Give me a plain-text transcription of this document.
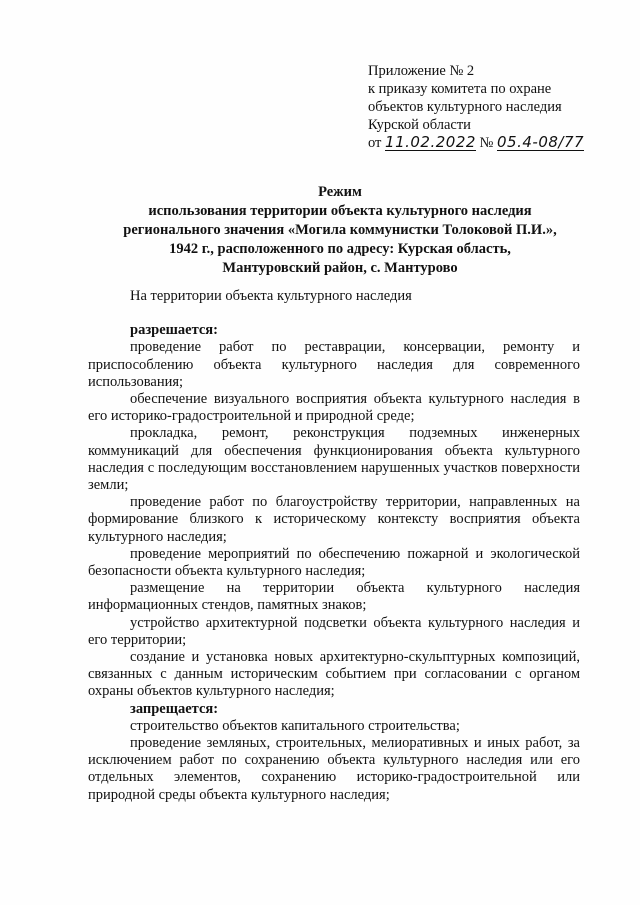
Приложение № 2
к приказу комитета по охране
объектов культурного наследия
Курской области
от 11.02.2022 № 05.4-08/77
Режим
использования территории объекта культурного наследия
регионального значения «Могила коммунистки Толоковой П.И.»,
1942 г., расположенного по адресу: Курская область,
Мантуровский район, с. Мантурово

На территории объекта культурного наследия

разрешается:

проведение работ по реставрации, консервации, ремонту и приспособлению объекта культурного наследия для современного использования;

обеспечение визуального восприятия объекта культурного наследия в его историко-градостроительной и природной среде;

прокладка, ремонт, реконструкция подземных инженерных коммуникаций для обеспечения функционирования объекта культурного наследия с последующим восстановлением нарушенных участков поверхности земли;

проведение работ по благоустройству территории, направленных на формирование близкого к историческому контексту восприятия объекта культурного наследия;

проведение мероприятий по обеспечению пожарной и экологической безопасности объекта культурного наследия;

размещение на территории объекта культурного наследия информационных стендов, памятных знаков;

устройство архитектурной подсветки объекта культурного наследия и его территории;

создание и установка новых архитектурно-скульптурных композиций, связанных с данным историческим событием при согласовании с органом охраны объектов культурного наследия;

запрещается:

строительство объектов капитального строительства;

проведение земляных, строительных, мелиоративных и иных работ, за исключением работ по сохранению объекта культурного наследия или его отдельных элементов, сохранению историко-градостроительной или природной среды объекта культурного наследия;
